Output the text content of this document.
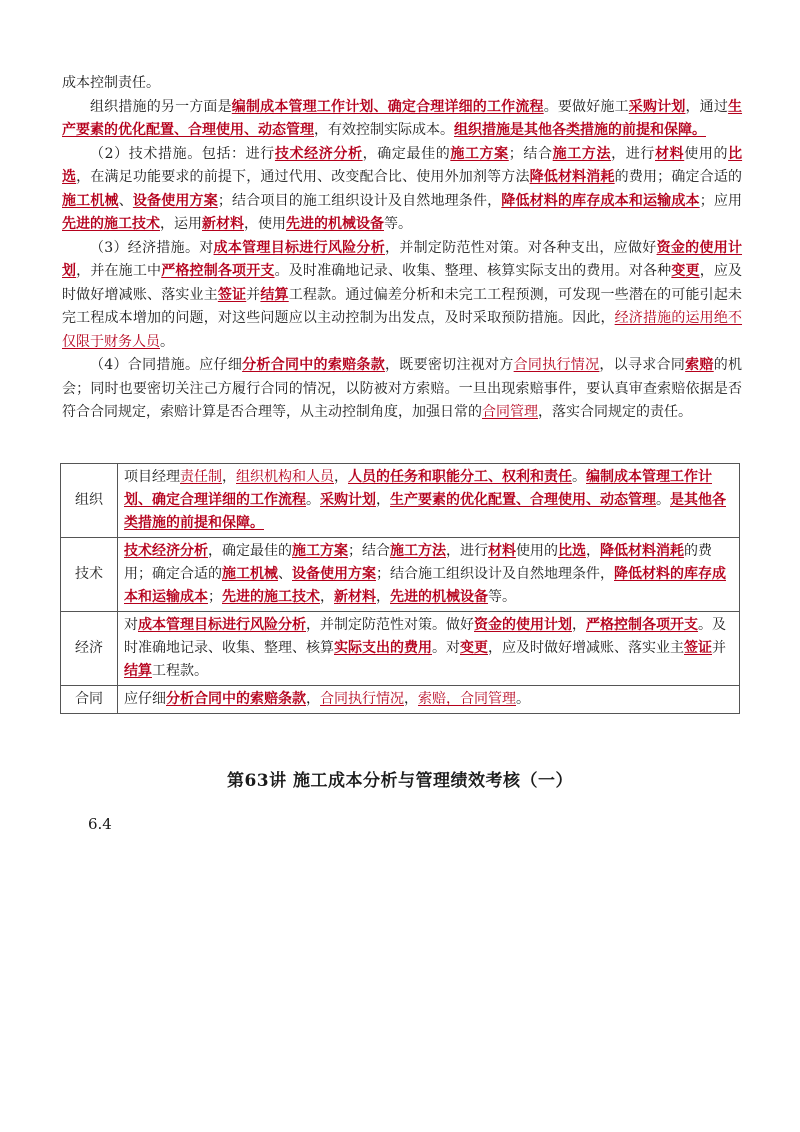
成本控制责任。

组织措施的另一方面是编制成本管理工作计划、确定合理详细的工作流程。要做好施工采购计划，通过生产要素的优化配置、合理使用、动态管理，有效控制实际成本。组织措施是其他各类措施的前提和保障。

（2）技术措施。包括：进行技术经济分析，确定最佳的施工方案；结合施工方法，进行材料使用的比选，在满足功能要求的前提下，通过代用、改变配合比、使用外加剂等方法降低材料消耗的费用；确定合适的施工机械、设备使用方案；结合项目的施工组织设计及自然地理条件，降低材料的库存成本和运输成本；应用先进的施工技术，运用新材料，使用先进的机械设备等。

（3）经济措施。对成本管理目标进行风险分析，并制定防范性对策。对各种支出，应做好资金的使用计划，并在施工中严格控制各项开支。及时准确地记录、收集、整理、核算实际支出的费用。对各种变更，应及时做好增减账、落实业主签证并结算工程款。通过偏差分析和未完工工程预测，可发现一些潜在的可能引起未完工程成本增加的问题，对这些问题应以主动控制为出发点，及时采取预防措施。因此，经济措施的运用绝不仅限于财务人员。

（4）合同措施。应仔细分析合同中的索赔条款，既要密切注视对方合同执行情况，以寻求合同索赔的机会；同时也要密切关注己方履行合同的情况，以防被对方索赔。一旦出现索赔事件，要认真审查索赔依据是否符合合同规定，索赔计算是否合理等，从主动控制角度，加强日常的合同管理，落实合同规定的责任。

组织	项目经理责任制，组织机构和人员，人员的任务和职能分工、权利和责任。编制成本管理工作计划、确定合理详细的工作流程。采购计划，生产要素的优化配置、合理使用、动态管理。是其他各类措施的前提和保障。
技术	技术经济分析，确定最佳的施工方案；结合施工方法，进行材料使用的比选，降低材料消耗的费用；确定合适的施工机械、设备使用方案；结合施工组织设计及自然地理条件，降低材料的库存成本和运输成本；先进的施工技术，新材料，先进的机械设备等。
经济	对成本管理目标进行风险分析，并制定防范性对策。做好资金的使用计划，严格控制各项开支。及时准确地记录、收集、整理、核算实际支出的费用。对变更，应及时做好增减账、落实业主签证并结算工程款。
合同	应仔细分析合同中的索赔条款，合同执行情况，索赔，合同管理。
第63讲 施工成本分析与管理绩效考核（一）
6.4
